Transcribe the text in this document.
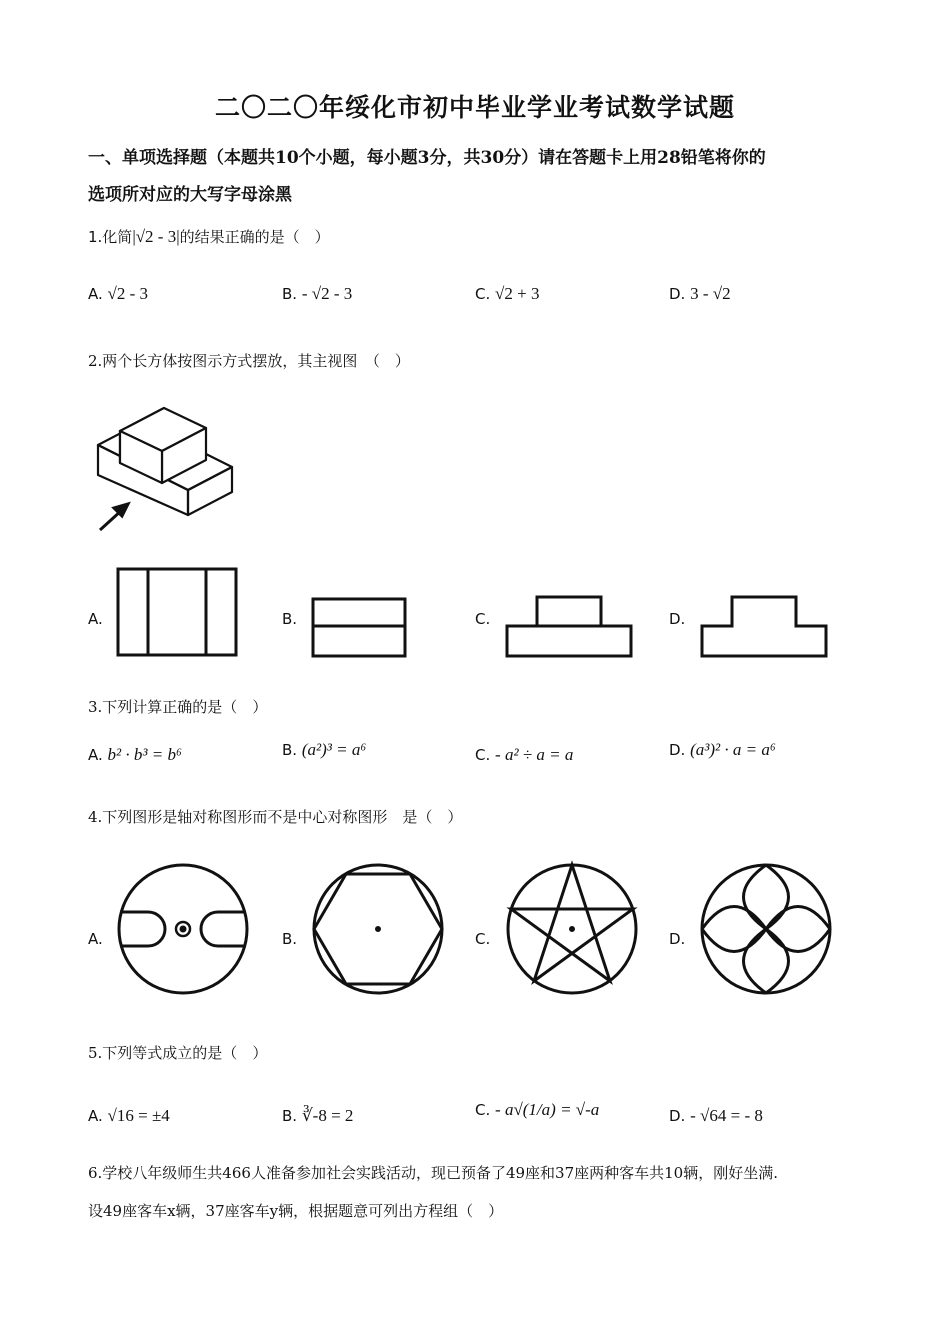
二〇二〇年绥化市初中毕业学业考试数学试题
一、单项选择题（本题共10个小题，每小题3分，共30分）请在答题卡上用28铅笔将你的
选项所对应的大写字母涂黑
1.化简|√2 - 3|的结果正确的是（　）
A. √2 - 3	B. - √2 - 3	C. √2 + 3	D. 3 - √2
2.两个长方体按图示方式摆放，其主视图　（　）
A.	B.	C.	D.
3.下列计算正确的是（　）
A. b² · b³ = b⁶	B. (a²)³ = a⁶	C. - a² ÷ a = a	D. (a³)² · a = a⁶
4.下列图形是轴对称图形而不是中心对称图形　是（　）
A.	B.	C.	D.
5.下列等式成立的是（　）
A. √16 = ±4	B. ∛-8 = 2	C. - a√(1/a) = √-a	D. - √64 = - 8
6.学校八年级师生共466人准备参加社会实践活动，现已预备了49座和37座两种客车共10辆，刚好坐满.
设49座客车x辆，37座客车y辆，根据题意可列出方程组（　）
